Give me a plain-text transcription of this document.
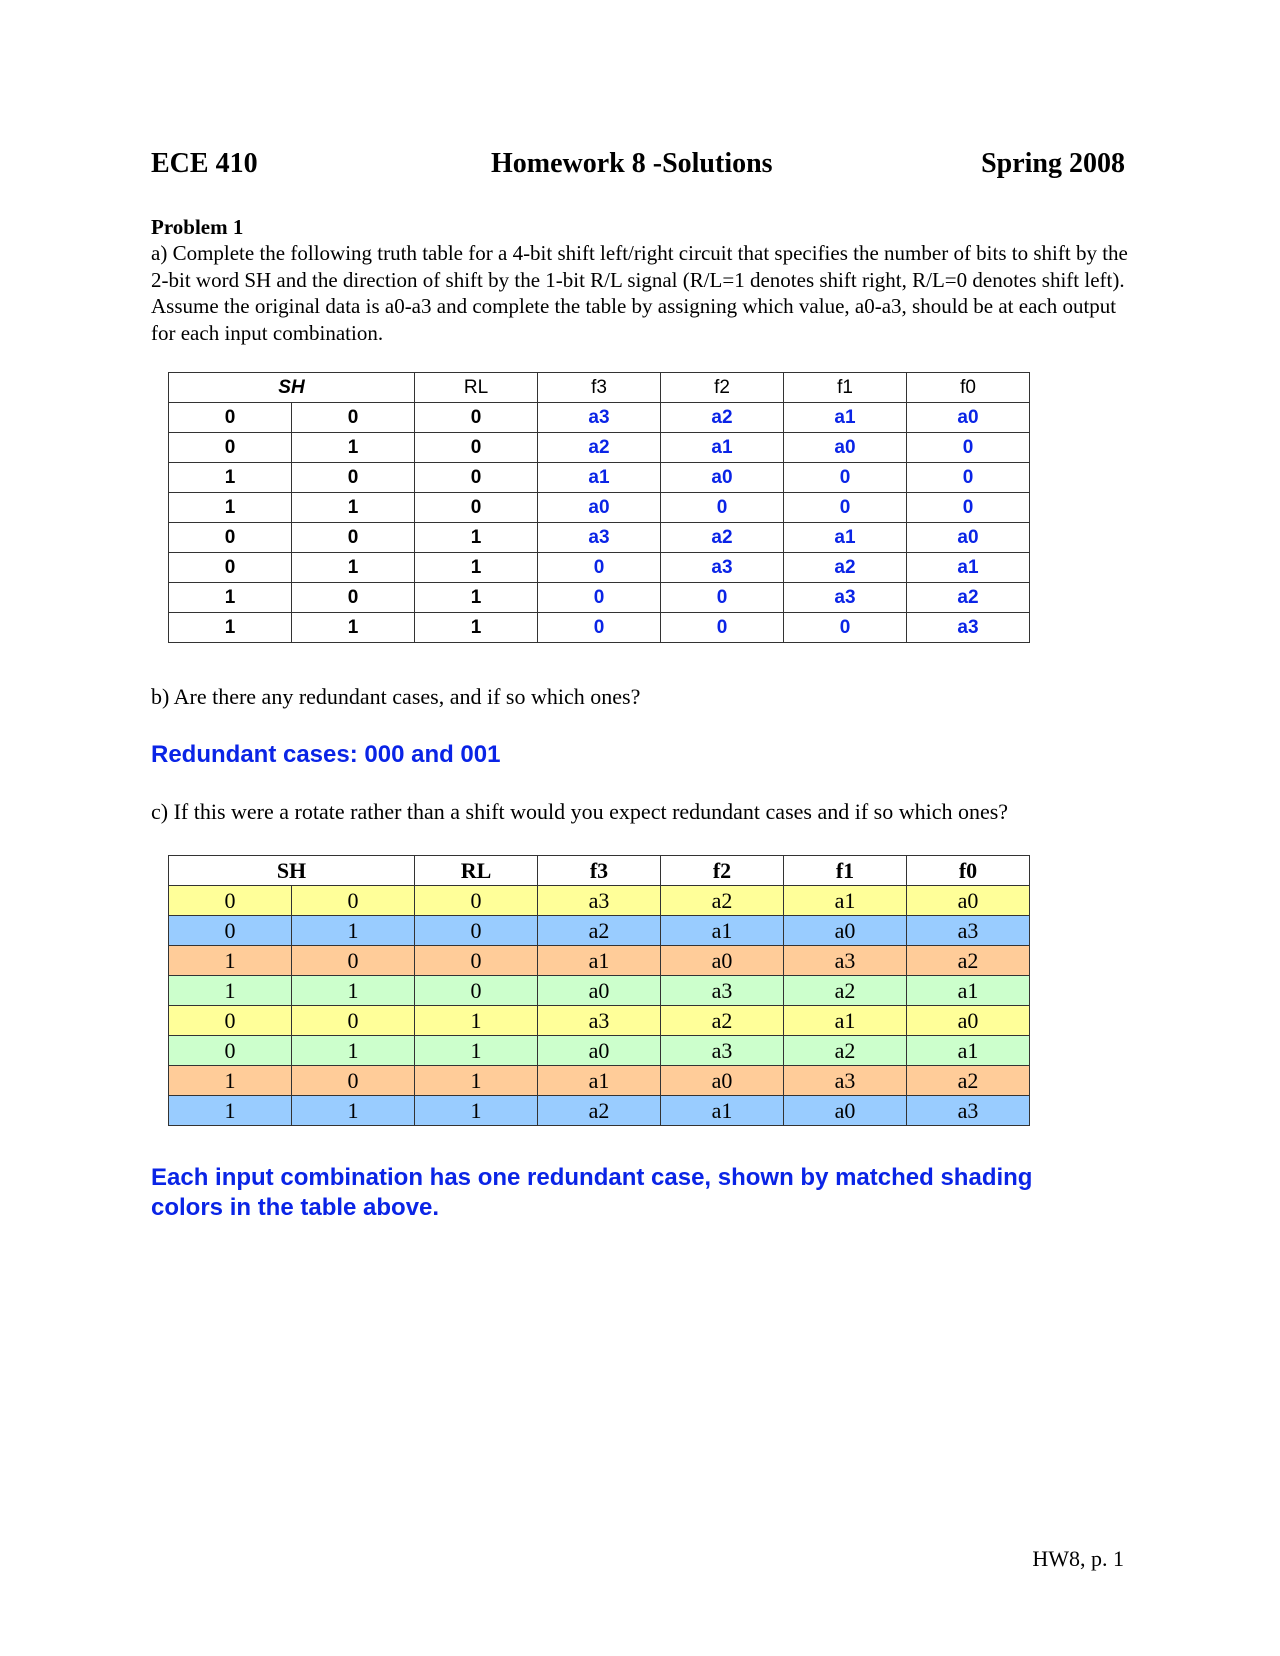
ECE 410	Homework 8 -Solutions	Spring 2008
Problem 1
a) Complete the following truth table for a 4-bit shift left/right circuit that specifies the number of bits to shift by the 2-bit word SH and the direction of shift by the 1-bit R/L signal (R/L=1 denotes shift right, R/L=0 denotes shift left). Assume the original data is a0-a3 and complete the table by assigning which value, a0-a3, should be at each output for each input combination.
SH		RL	f3	f2	f1	f0
0	0	0	a3	a2	a1	a0
0	1	0	a2	a1	a0	0
1	0	0	a1	a0	0	0
1	1	0	a0	0	0	0
0	0	1	a3	a2	a1	a0
0	1	1	0	a3	a2	a1
1	0	1	0	0	a3	a2
1	1	1	0	0	0	a3
b) Are there any redundant cases, and if so which ones?
Redundant cases: 000 and 001
c) If this were a rotate rather than a shift would you expect redundant cases and if so which ones?
SH		RL	f3	f2	f1	f0
0	0	0	a3	a2	a1	a0
0	1	0	a2	a1	a0	a3
1	0	0	a1	a0	a3	a2
1	1	0	a0	a3	a2	a1
0	0	1	a3	a2	a1	a0
0	1	1	a0	a3	a2	a1
1	0	1	a1	a0	a3	a2
1	1	1	a2	a1	a0	a3
Each input combination has one redundant case, shown by matched shading colors in the table above.
HW8, p. 1
